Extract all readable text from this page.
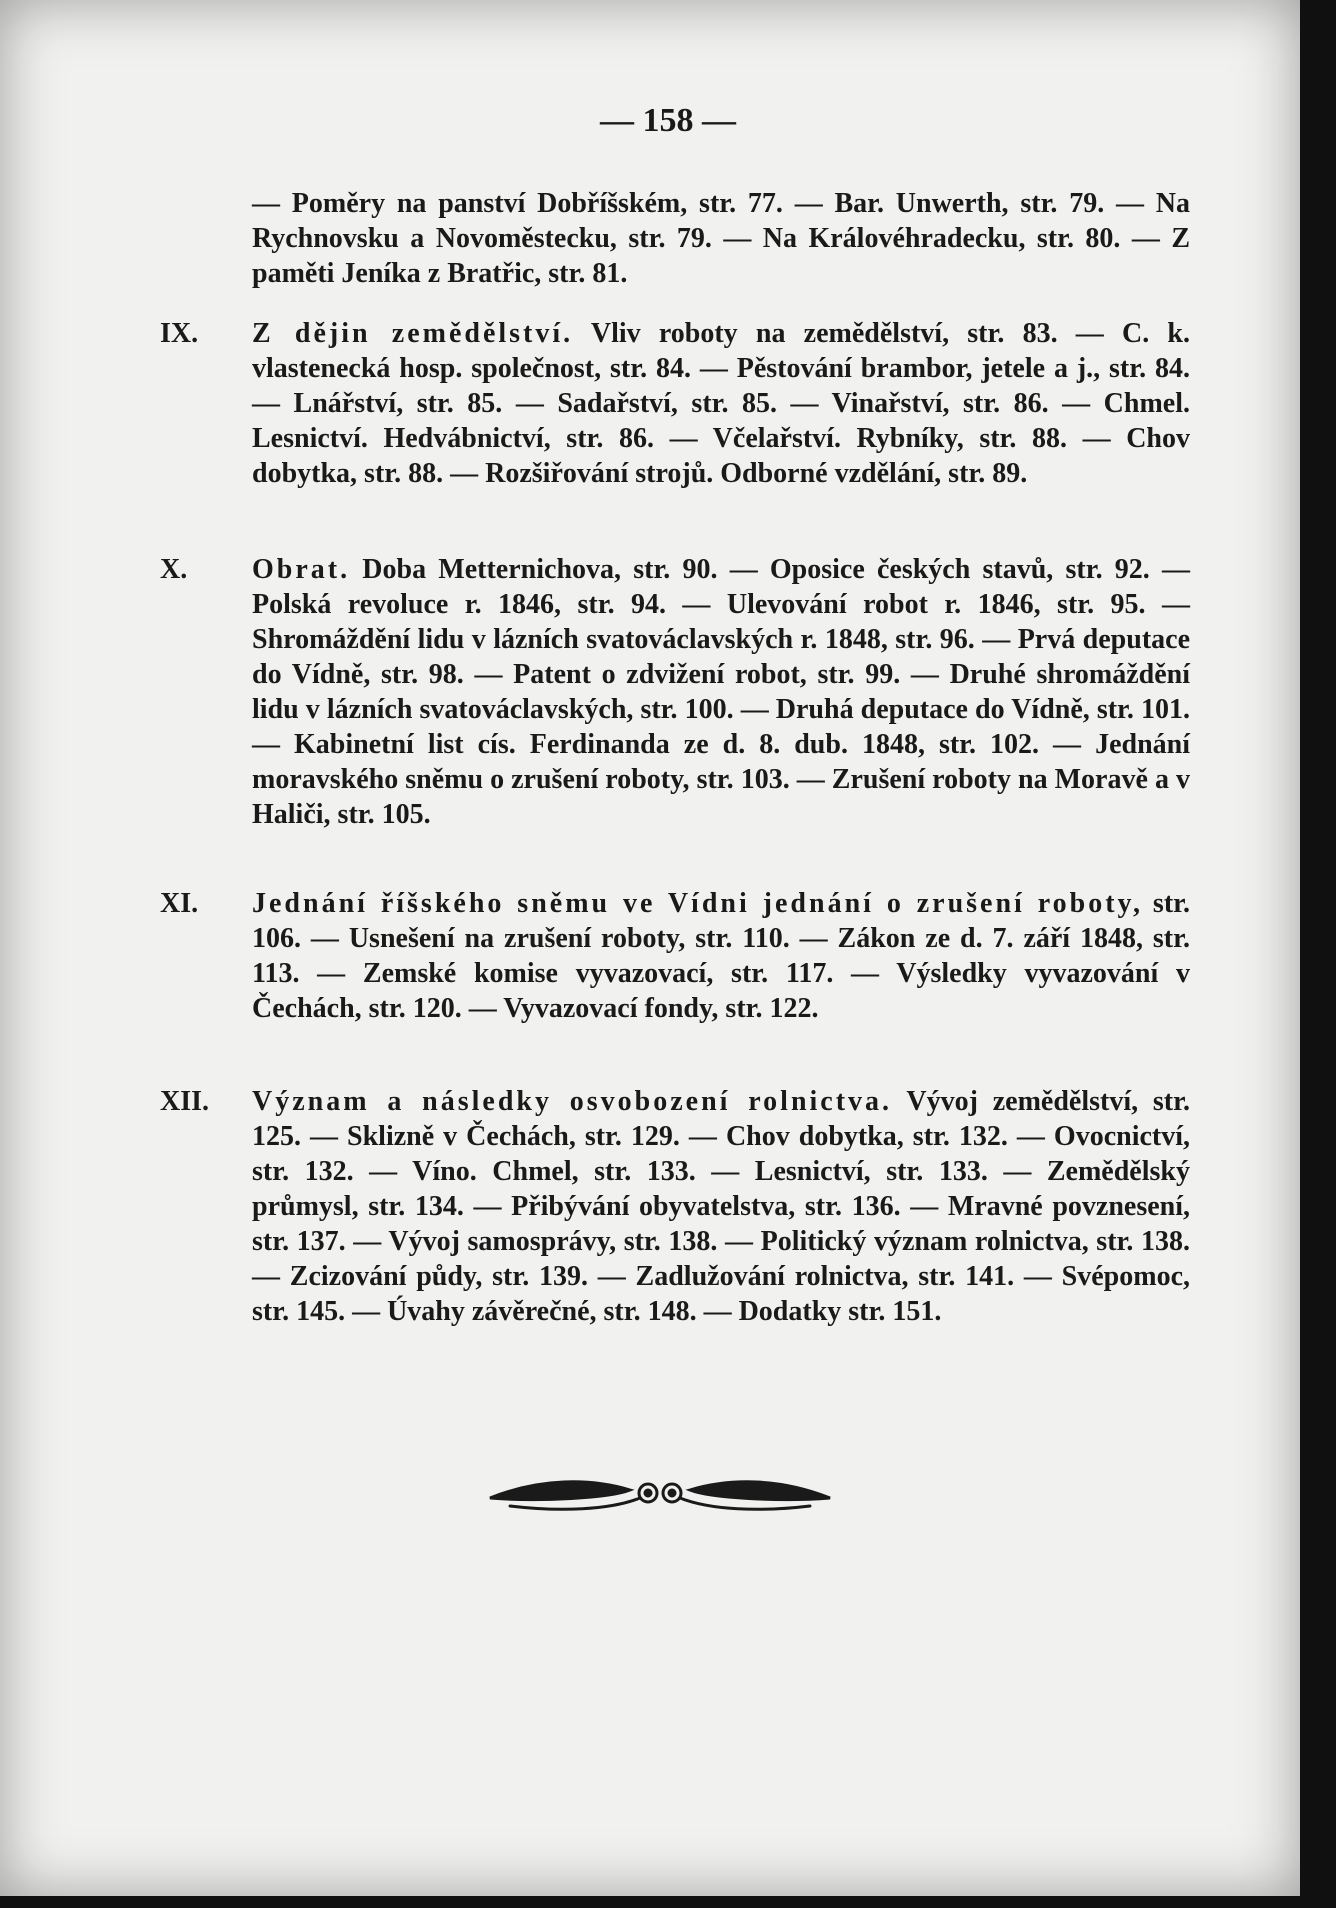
— 158 —
— Poměry na panství Dobříšském, str. 77. — Bar. Unwerth, str. 79. — Na Rychnovsku a Novoměstecku, str. 79. — Na Královéhradecku, str. 80. — Z paměti Jeníka z Bratřic, str. 81.
IX.	Z dějin zemědělství. Vliv roboty na zemědělství, str. 83. — C. k. vlastenecká hosp. společnost, str. 84. — Pěstování brambor, jetele a j., str. 84. — Lnářství, str. 85. — Sadařství, str. 85. — Vinařství, str. 86. — Chmel. Lesnictví. Hedvábnictví, str. 86. — Včelařství. Rybníky, str. 88. — Chov dobytka, str. 88. — Rozšiřování strojů. Odborné vzdělání, str. 89.
X.	Obrat. Doba Metternichova, str. 90. — Oposice českých stavů, str. 92. — Polská revoluce r. 1846, str. 94. — Ulevování robot r. 1846, str. 95. — Shromáždění lidu v lázních svatováclavských r. 1848, str. 96. — Prvá deputace do Vídně, str. 98. — Patent o zdvižení robot, str. 99. — Druhé shromáždění lidu v lázních svatováclavských, str. 100. — Druhá deputace do Vídně, str. 101. — Kabinetní list cís. Ferdinanda ze d. 8. dub. 1848, str. 102. — Jednání moravského sněmu o zrušení roboty, str. 103. — Zrušení roboty na Moravě a v Haliči, str. 105.
XI.	Jednání říšského sněmu ve Vídni jednání o zrušení roboty, str. 106. — Usnešení na zrušení roboty, str. 110. — Zákon ze d. 7. září 1848, str. 113. — Zemské komise vyvazovací, str. 117. — Výsledky vyvazování v Čechách, str. 120. — Vyvazovací fondy, str. 122.
XII.	Význam a následky osvobození rolnictva. Vývoj zemědělství, str. 125. — Sklizně v Čechách, str. 129. — Chov dobytka, str. 132. — Ovocnictví, str. 132. — Víno. Chmel, str. 133. — Lesnictví, str. 133. — Zemědělský průmysl, str. 134. — Přibývání obyvatelstva, str. 136. — Mravné povznesení, str. 137. — Vývoj samosprávy, str. 138. — Politický význam rolnictva, str. 138. — Zcizování půdy, str. 139. — Zadlužování rolnictva, str. 141. — Svépomoc, str. 145. — Úvahy závěrečné, str. 148. — Dodatky str. 151.
